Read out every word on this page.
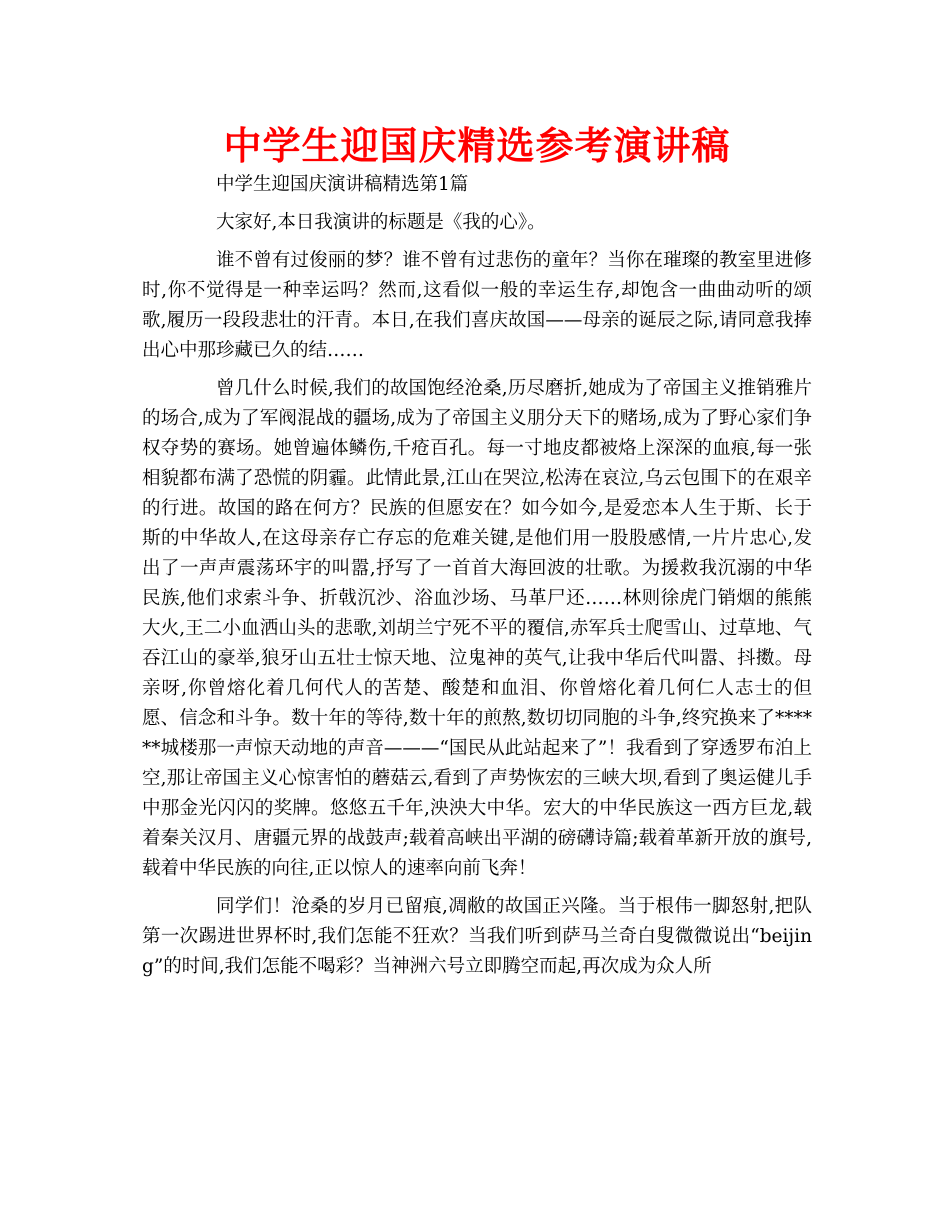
中学生迎国庆精选参考演讲稿

中学生迎国庆演讲稿精选第1篇

大家好,本日我演讲的标题是《我的心》。

谁不曾有过俊丽的梦？谁不曾有过悲伤的童年？当你在璀璨的教室里进修时,你不觉得是一种幸运吗？然而,这看似一般的幸运生存,却饱含一曲曲动听的颂歌,履历一段段悲壮的汗青。本日,在我们喜庆故国——母亲的诞辰之际,请同意我捧出心中那珍藏已久的结……

曾几什么时候,我们的故国饱经沧桑,历尽磨折,她成为了帝国主义推销雅片的场合,成为了军阀混战的疆场,成为了帝国主义朋分天下的赌场,成为了野心家们争权夺势的赛场。她曾遍体鳞伤,千疮百孔。每一寸地皮都被烙上深深的血痕,每一张相貌都布满了恐慌的阴霾。此情此景,江山在哭泣,松涛在哀泣,乌云包围下的在艰辛的行进。故国的路在何方？民族的但愿安在？如今如今,是爱恋本人生于斯、长于斯的中华故人,在这母亲存亡存忘的危难关键,是他们用一股股感情,一片片忠心,发出了一声声震荡环宇的叫嚣,抒写了一首首大海回波的壮歌。为援救我沉溺的中华民族,他们求索斗争、折戟沉沙、浴血沙场、马革尸还……林则徐虎门销烟的熊熊大火,王二小血洒山头的悲歌,刘胡兰宁死不平的覆信,赤军兵士爬雪山、过草地、气吞江山的豪举,狼牙山五壮士惊天地、泣鬼神的英气,让我中华后代叫嚣、抖擞。母亲呀,你曾熔化着几何代人的苦楚、酸楚和血泪、你曾熔化着几何仁人志士的但愿、信念和斗争。数十年的等待,数十年的煎熬,数切切同胞的斗争,终究换来了******城楼那一声惊天动地的声音———“国民从此站起来了”！我看到了穿透罗布泊上空,那让帝国主义心惊害怕的蘑菇云,看到了声势恢宏的三峡大坝,看到了奥运健儿手中那金光闪闪的奖牌。悠悠五千年,泱泱大中华。宏大的中华民族这一西方巨龙,载着秦关汉月、唐疆元界的战鼓声;载着高峡出平湖的磅礴诗篇;载着革新开放的旗号,载着中华民族的向往,正以惊人的速率向前飞奔！

同学们！沧桑的岁月已留痕,凋敝的故国正兴隆。当于根伟一脚怒射,把队第一次踢进世界杯时,我们怎能不狂欢？当我们听到萨马兰奇白叟微微说出“beijing”的时间,我们怎能不喝彩？当神洲六号立即腾空而起,再次成为众人所
